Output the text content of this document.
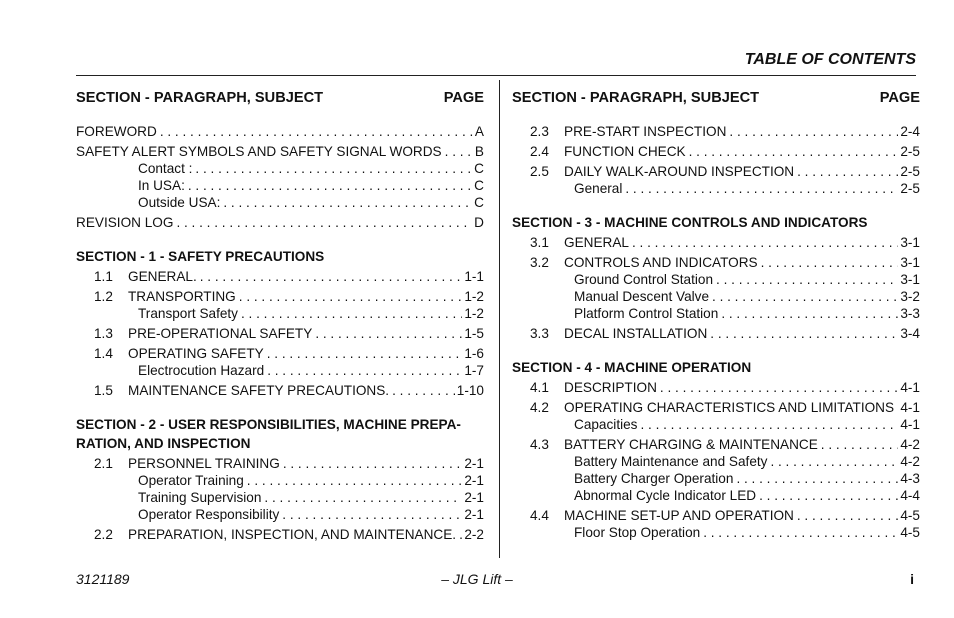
TABLE OF CONTENTS
SECTION - PARAGRAPH, SUBJECT	PAGE
FOREWORD . . .	A
SAFETY ALERT SYMBOLS AND SAFETY SIGNAL WORDS . . . B
Contact : . . .	C
In USA: . . .	C
Outside USA: . . .	C
REVISION LOG . . .	D
SECTION - 1 - SAFETY PRECAUTIONS
1.1	GENERAL. . . .	1-1
1.2	TRANSPORTING . . .	1-2
Transport Safety . . .	1-2
1.3	PRE-OPERATIONAL SAFETY . . .	1-5
1.4	OPERATING SAFETY . . .	1-6
Electrocution Hazard . . .	1-7
1.5	MAINTENANCE SAFETY PRECAUTIONS. . . .	1-10
SECTION - 2 - USER RESPONSIBILITIES, MACHINE PREPA-RATION, AND INSPECTION
2.1	PERSONNEL TRAINING . . .	2-1
Operator Training . . .	2-1
Training Supervision . . .	2-1
Operator Responsibility . . .	2-1
2.2	PREPARATION, INSPECTION, AND MAINTENANCE. . . . 2-2
SECTION - PARAGRAPH, SUBJECT	PAGE
2.3	PRE-START INSPECTION . . .	2-4
2.4	FUNCTION CHECK . . .	2-5
2.5	DAILY WALK-AROUND INSPECTION . . .	2-5
General . . .	2-5
SECTION - 3 - MACHINE CONTROLS AND INDICATORS
3.1	GENERAL . . .	3-1
3.2	CONTROLS AND INDICATORS . . .	3-1
Ground Control Station . . .	3-1
Manual Descent Valve . . .	3-2
Platform Control Station . . .	3-3
3.3	DECAL INSTALLATION . . .	3-4
SECTION - 4 - MACHINE OPERATION
4.1	DESCRIPTION . . .	4-1
4.2	OPERATING CHARACTERISTICS AND LIMITATIONS 4-1
Capacities . . .	4-1
4.3	BATTERY CHARGING & MAINTENANCE . . .	4-2
Battery Maintenance and Safety . . .	4-2
Battery Charger Operation . . .	4-3
Abnormal Cycle Indicator LED . . .	4-4
4.4	MACHINE SET-UP AND OPERATION . . .	4-5
Floor Stop Operation . . .	4-5
3121189	– JLG Lift –	i
